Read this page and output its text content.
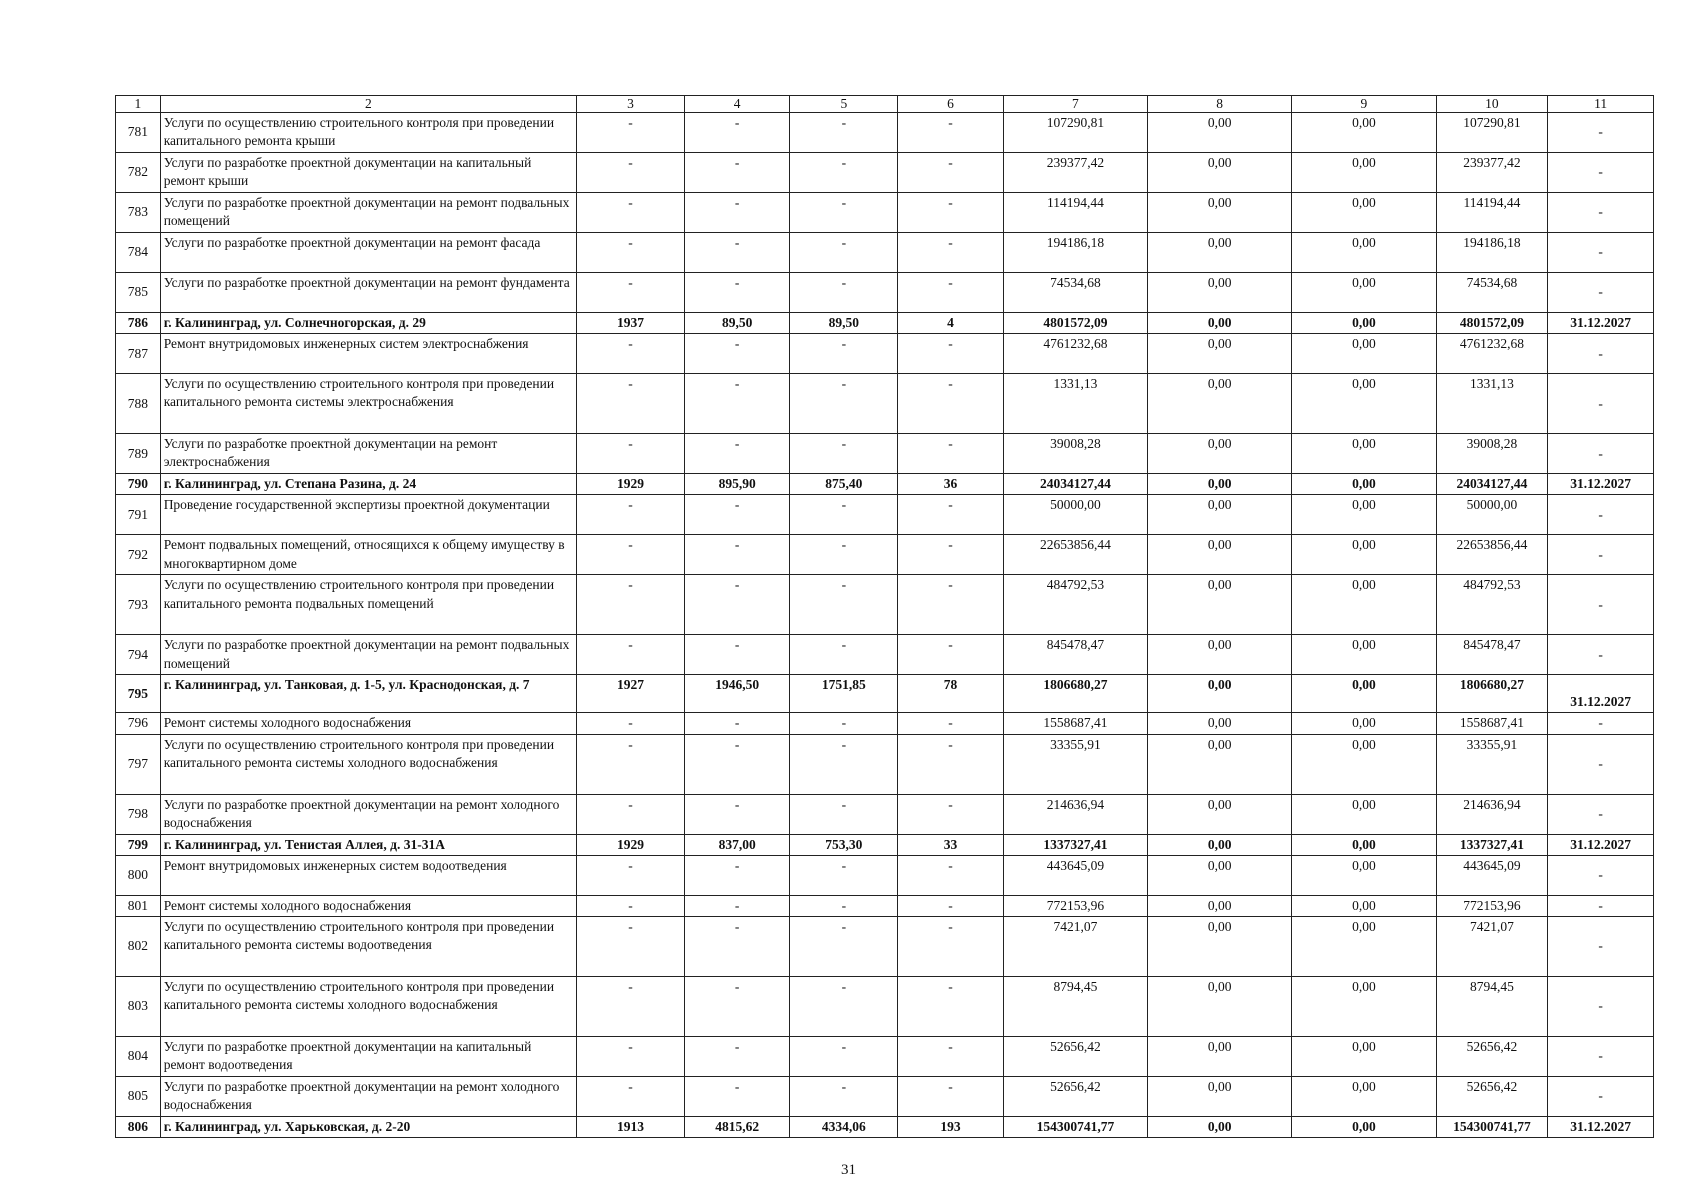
1	2	3	4	5	6	7	8	9	10	11
781	Услуги по осуществлению строительного контроля при проведении капитального ремонта крыши	-	-	-	-	107290,81	0,00	0,00	107290,81	-
782	Услуги по разработке проектной документации на капитальный ремонт крыши	-	-	-	-	239377,42	0,00	0,00	239377,42	-
783	Услуги по разработке проектной документации на ремонт подвальных помещений	-	-	-	-	114194,44	0,00	0,00	114194,44	-
784	Услуги по разработке проектной документации на ремонт фасада	-	-	-	-	194186,18	0,00	0,00	194186,18	-
785	Услуги по разработке проектной документации на ремонт фундамента	-	-	-	-	74534,68	0,00	0,00	74534,68	-
786	г. Калининград, ул. Солнечногорская, д. 29	1937	89,50	89,50	4	4801572,09	0,00	0,00	4801572,09	31.12.2027
787	Ремонт внутридомовых инженерных систем электроснабжения	-	-	-	-	4761232,68	0,00	0,00	4761232,68	-
788	Услуги по осуществлению строительного контроля при проведении капитального ремонта системы электроснабжения	-	-	-	-	1331,13	0,00	0,00	1331,13	-
789	Услуги по разработке проектной документации на ремонт электроснабжения	-	-	-	-	39008,28	0,00	0,00	39008,28	-
790	г. Калининград, ул. Степана Разина, д. 24	1929	895,90	875,40	36	24034127,44	0,00	0,00	24034127,44	31.12.2027
791	Проведение государственной экспертизы проектной документации	-	-	-	-	50000,00	0,00	0,00	50000,00	-
792	Ремонт подвальных помещений, относящихся к общему имуществу в многоквартирном доме	-	-	-	-	22653856,44	0,00	0,00	22653856,44	-
793	Услуги по осуществлению строительного контроля при проведении капитального ремонта подвальных помещений	-	-	-	-	484792,53	0,00	0,00	484792,53	-
794	Услуги по разработке проектной документации на ремонт подвальных помещений	-	-	-	-	845478,47	0,00	0,00	845478,47	-
795	г. Калининград, ул. Танковая, д. 1-5, ул. Краснодонская, д. 7	1927	1946,50	1751,85	78	1806680,27	0,00	0,00	1806680,27	31.12.2027
796	Ремонт системы холодного водоснабжения	-	-	-	-	1558687,41	0,00	0,00	1558687,41	-
797	Услуги по осуществлению строительного контроля при проведении капитального ремонта системы холодного водоснабжения	-	-	-	-	33355,91	0,00	0,00	33355,91	-
798	Услуги по разработке проектной документации на ремонт холодного водоснабжения	-	-	-	-	214636,94	0,00	0,00	214636,94	-
799	г. Калининград, ул. Тенистая Аллея, д. 31-31А	1929	837,00	753,30	33	1337327,41	0,00	0,00	1337327,41	31.12.2027
800	Ремонт внутридомовых инженерных систем водоотведения	-	-	-	-	443645,09	0,00	0,00	443645,09	-
801	Ремонт системы холодного водоснабжения	-	-	-	-	772153,96	0,00	0,00	772153,96	-
802	Услуги по осуществлению строительного контроля при проведении капитального ремонта системы водоотведения	-	-	-	-	7421,07	0,00	0,00	7421,07	-
803	Услуги по осуществлению строительного контроля при проведении капитального ремонта системы холодного водоснабжения	-	-	-	-	8794,45	0,00	0,00	8794,45	-
804	Услуги по разработке проектной документации на капитальный ремонт водоотведения	-	-	-	-	52656,42	0,00	0,00	52656,42	-
805	Услуги по разработке проектной документации на ремонт холодного водоснабжения	-	-	-	-	52656,42	0,00	0,00	52656,42	-
806	г. Калининград, ул. Харьковская, д. 2-20	1913	4815,62	4334,06	193	154300741,77	0,00	0,00	154300741,77	31.12.2027
31
